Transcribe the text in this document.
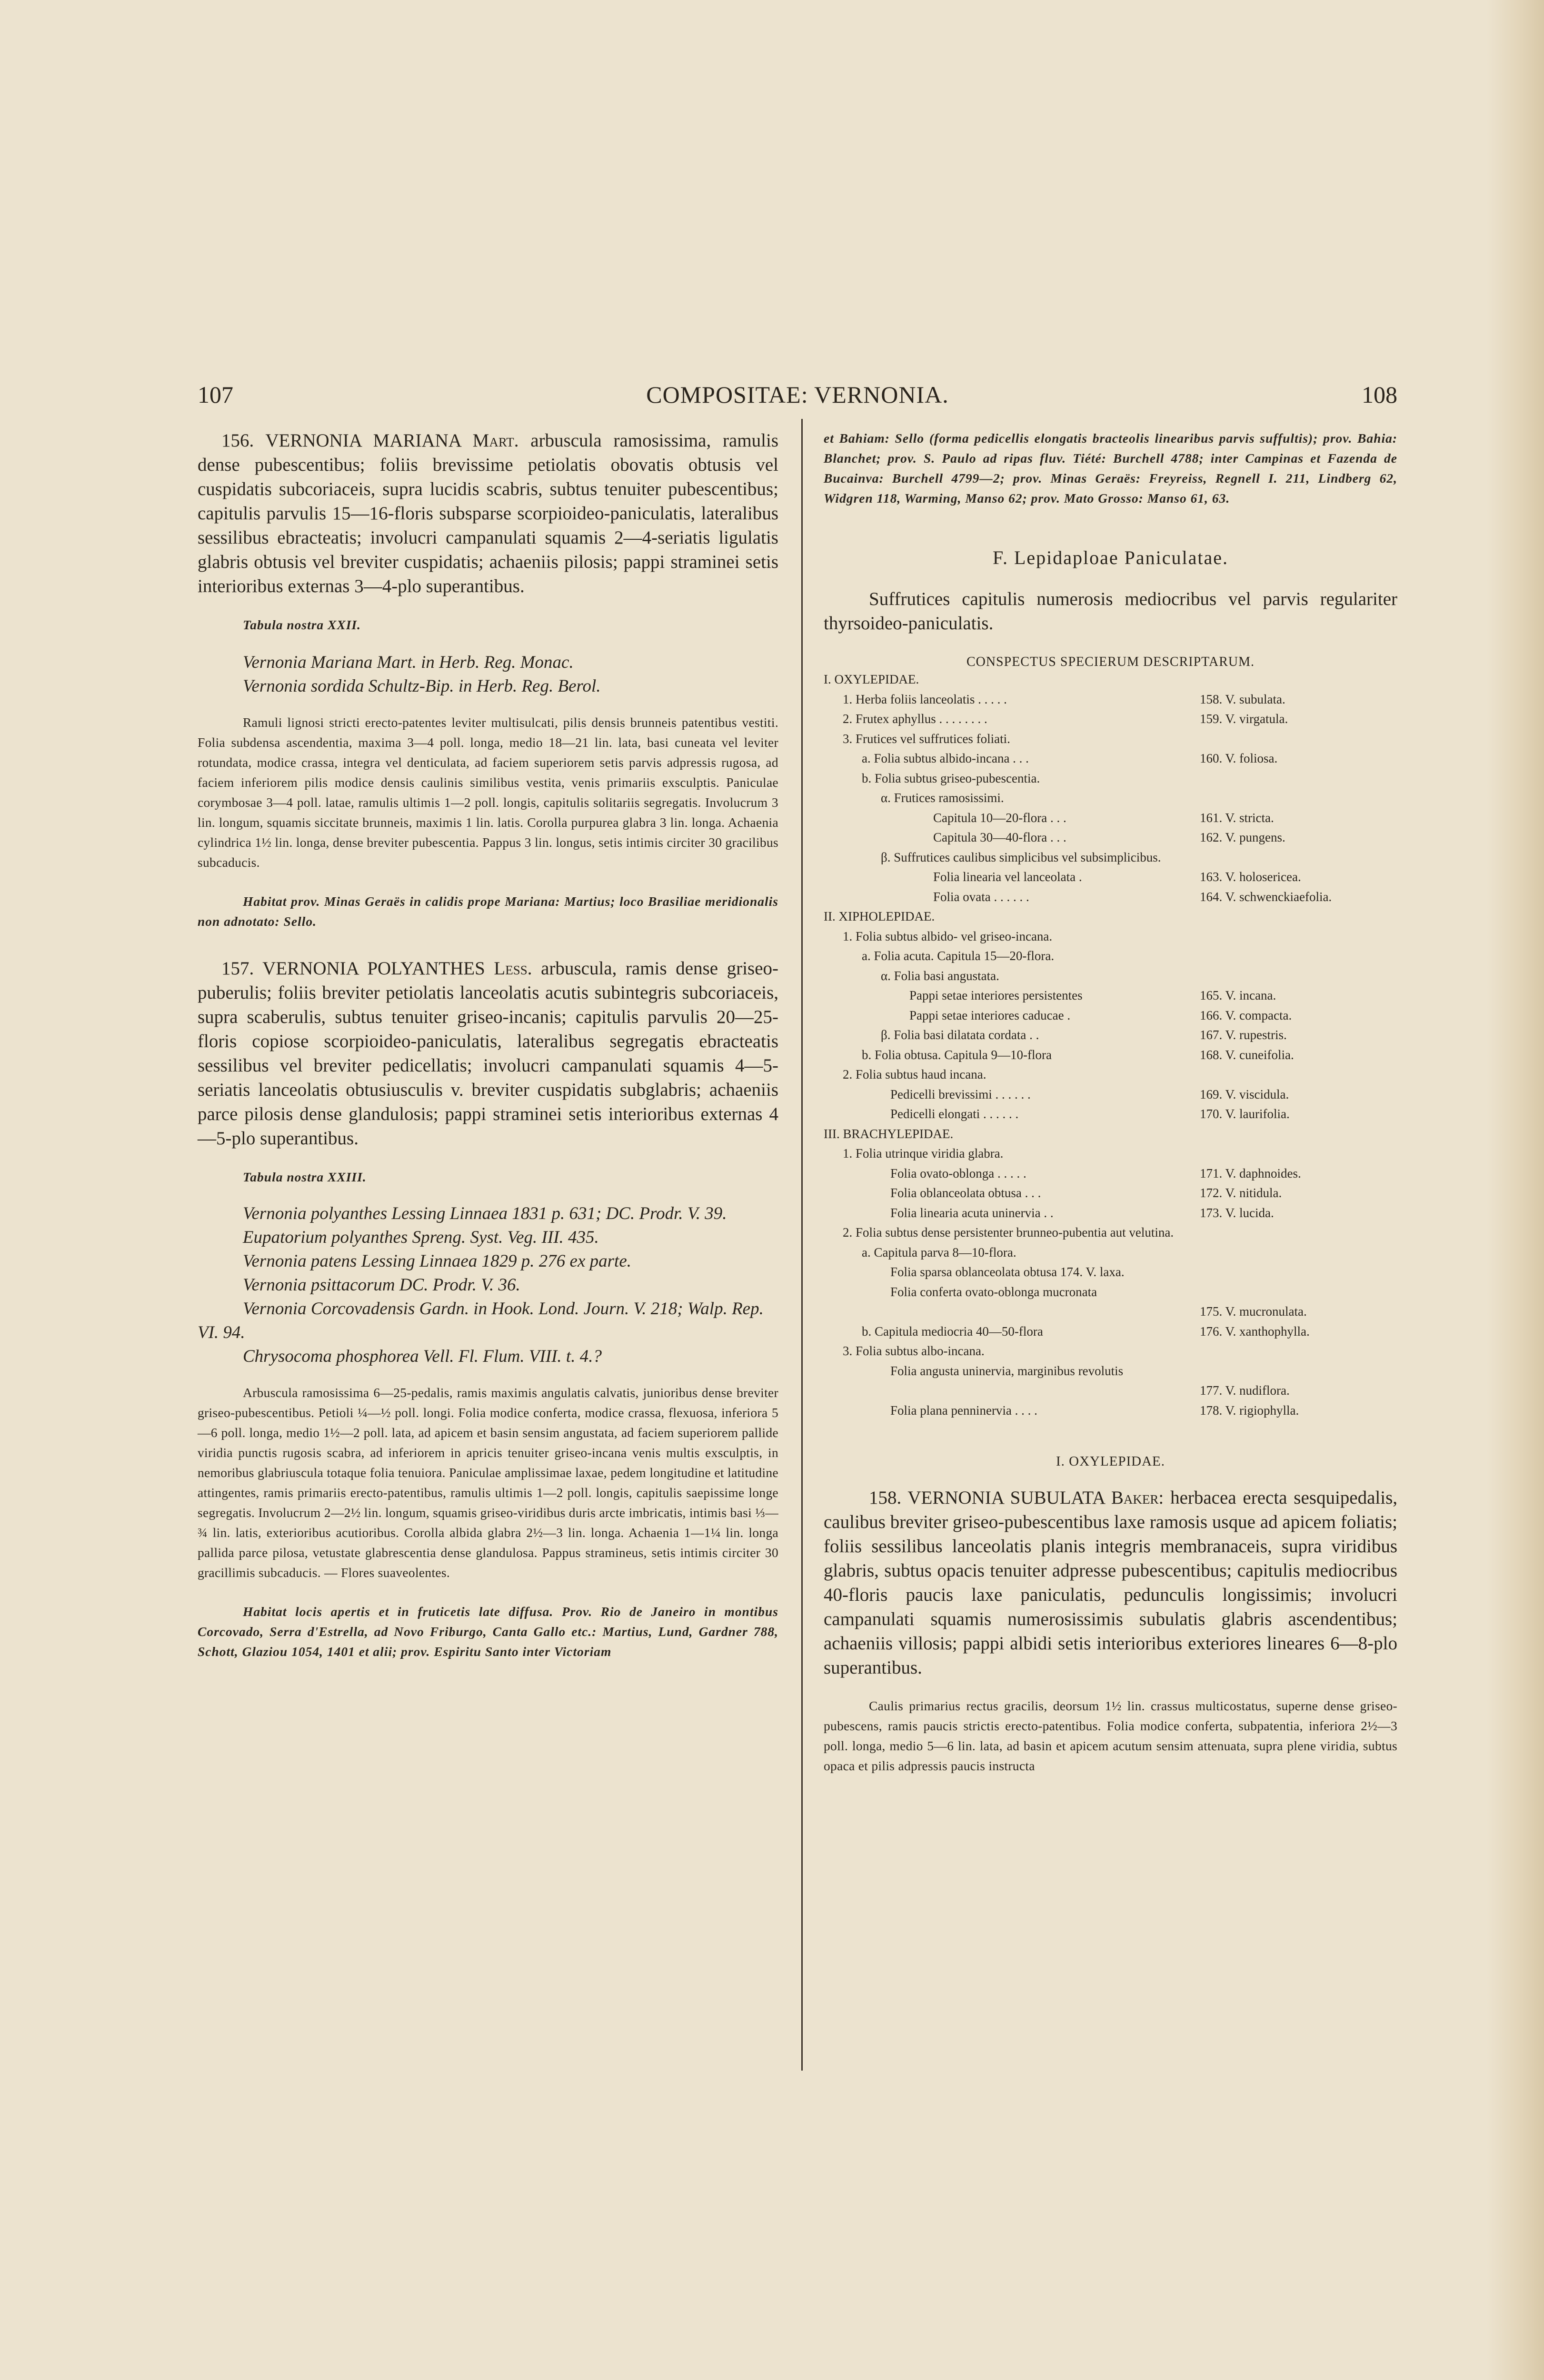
107	COMPOSITAE: VERNONIA.	108

156. VERNONIA MARIANA Mart. arbuscula ramosissima, ramulis dense pubescentibus; foliis brevissime petiolatis obovatis obtusis vel cuspidatis subcoriaceis, supra lucidis scabris, subtus tenuiter pubescentibus; capitulis parvulis 15—16-floris subsparse scorpioideo-paniculatis, lateralibus sessilibus ebracteatis; involucri campanulati squamis 2—4-seriatis ligulatis glabris obtusis vel breviter cuspidatis; achaeniis pilosis; pappi straminei setis interioribus externas 3—4-plo superantibus.

Tabula nostra XXII.

Vernonia Mariana Mart. in Herb. Reg. Monac.

Vernonia sordida Schultz-Bip. in Herb. Reg. Berol.

Ramuli lignosi stricti erecto-patentes leviter multisulcati, pilis densis brunneis patentibus vestiti. Folia subdensa ascendentia, maxima 3—4 poll. longa, medio 18—21 lin. lata, basi cuneata vel leviter rotundata, modice crassa, integra vel denticulata, ad faciem superiorem setis parvis adpressis rugosa, ad faciem inferiorem pilis modice densis caulinis similibus vestita, venis primariis exsculptis. Paniculae corymbosae 3—4 poll. latae, ramulis ultimis 1—2 poll. longis, capitulis solitariis segregatis. Involucrum 3 lin. longum, squamis siccitate brunneis, maximis 1 lin. latis. Corolla purpurea glabra 3 lin. longa. Achaenia cylindrica 1½ lin. longa, dense breviter pubescentia. Pappus 3 lin. longus, setis intimis circiter 30 gracilibus subcaducis.

Habitat prov. Minas Geraës in calidis prope Mariana: Martius; loco Brasiliae meridionalis non adnotato: Sello.

157. VERNONIA POLYANTHES Less. arbuscula, ramis dense griseo-puberulis; foliis breviter petiolatis lanceolatis acutis subintegris subcoriaceis, supra scaberulis, subtus tenuiter griseo-incanis; capitulis parvulis 20—25-floris copiose scorpioideo-paniculatis, lateralibus segregatis ebracteatis sessilibus vel breviter pedicellatis; involucri campanulati squamis 4—5-seriatis lanceolatis obtusiusculis v. breviter cuspidatis subglabris; achaeniis parce pilosis dense glandulosis; pappi straminei setis interioribus externas 4—5-plo superantibus.

Tabula nostra XXIII.

Vernonia polyanthes Lessing Linnaea 1831 p. 631; DC. Prodr. V. 39.

Eupatorium polyanthes Spreng. Syst. Veg. III. 435.

Vernonia patens Lessing Linnaea 1829 p. 276 ex parte.

Vernonia psittacorum DC. Prodr. V. 36.

Vernonia Corcovadensis Gardn. in Hook. Lond. Journ. V. 218; Walp. Rep. VI. 94.

Chrysocoma phosphorea Vell. Fl. Flum. VIII. t. 4.?

Arbuscula ramosissima 6—25-pedalis, ramis maximis angulatis calvatis, junioribus dense breviter griseo-pubescentibus. Petioli ¼—½ poll. longi. Folia modice conferta, modice crassa, flexuosa, inferiora 5—6 poll. longa, medio 1½—2 poll. lata, ad apicem et basin sensim angustata, ad faciem superiorem pallide viridia punctis rugosis scabra, ad inferiorem in apricis tenuiter griseo-incana venis multis exsculptis, in nemoribus glabriuscula totaque folia tenuiora. Paniculae amplissimae laxae, pedem longitudine et latitudine attingentes, ramis primariis erecto-patentibus, ramulis ultimis 1—2 poll. longis, capitulis saepissime longe segregatis. Involucrum 2—2½ lin. longum, squamis griseo-viridibus duris arcte imbricatis, intimis basi ⅓—¾ lin. latis, exterioribus acutioribus. Corolla albida glabra 2½—3 lin. longa. Achaenia 1—1¼ lin. longa pallida parce pilosa, vetustate glabrescentia dense glandulosa. Pappus stramineus, setis intimis circiter 30 gracillimis subcaducis. — Flores suaveolentes.

Habitat locis apertis et in fruticetis late diffusa. Prov. Rio de Janeiro in montibus Corcovado, Serra d'Estrella, ad Novo Friburgo, Canta Gallo etc.: Martius, Lund, Gardner 788, Schott, Glaziou 1054, 1401 et alii; prov. Espiritu Santo inter Victoriam

et Bahiam: Sello (forma pedicellis elongatis bracteolis linearibus parvis suffultis); prov. Bahia: Blanchet; prov. S. Paulo ad ripas fluv. Tiété: Burchell 4788; inter Campinas et Fazenda de Bucainva: Burchell 4799—2; prov. Minas Geraës: Freyreiss, Regnell I. 211, Lindberg 62, Widgren 118, Warming, Manso 62; prov. Mato Grosso: Manso 61, 63.

F. Lepidaploae Paniculatae.

Suffrutices capitulis numerosis mediocribus vel parvis regulariter thyrsoideo-paniculatis.

CONSPECTUS SPECIERUM DESCRIPTARUM.

I. OXYLEPIDAE.
1. Herba foliis lanceolatis . . . . .	158. V. subulata.
2. Frutex aphyllus . . . . . . . .	159. V. virgatula.
3. Frutices vel suffrutices foliati.
a. Folia subtus albido-incana . . .	160. V. foliosa.
b. Folia subtus griseo-pubescentia.
α. Frutices ramosissimi.
Capitula 10—20-flora . . .	161. V. stricta.
Capitula 30—40-flora . . .	162. V. pungens.
β. Suffrutices caulibus simplicibus vel subsimplicibus.
Folia linearia vel lanceolata .	163. V. holosericea.
Folia ovata . . . . . .	164. V. schwenckiaefolia.
II. XIPHOLEPIDAE.
1. Folia subtus albido- vel griseo-incana.
a. Folia acuta. Capitula 15—20-flora.
α. Folia basi angustata.
Pappi setae interiores persistentes	165. V. incana.
Pappi setae interiores caducae .	166. V. compacta.
β. Folia basi dilatata cordata . .	167. V. rupestris.
b. Folia obtusa. Capitula 9—10-flora	168. V. cuneifolia.
2. Folia subtus haud incana.
Pedicelli brevissimi . . . . . .	169. V. viscidula.
Pedicelli elongati . . . . . .	170. V. laurifolia.
III. BRACHYLEPIDAE.
1. Folia utrinque viridia glabra.
Folia ovato-oblonga . . . . .	171. V. daphnoides.
Folia oblanceolata obtusa . . .	172. V. nitidula.
Folia linearia acuta uninervia . .	173. V. lucida.
2. Folia subtus dense persistenter brunneo-pubentia aut velutina.
a. Capitula parva 8—10-flora.
Folia sparsa oblanceolata obtusa 174. V. laxa.
Folia conferta ovato-oblonga mucronata
175. V. mucronulata.
b. Capitula mediocria 40—50-flora	176. V. xanthophylla.
3. Folia subtus albo-incana.
Folia angusta uninervia, marginibus revolutis
177. V. nudiflora.
Folia plana penninervia . . . .	178. V. rigiophylla.

I. OXYLEPIDAE.

158. VERNONIA SUBULATA Baker: herbacea erecta sesquipedalis, caulibus breviter griseo-pubescentibus laxe ramosis usque ad apicem foliatis; foliis sessilibus lanceolatis planis integris membranaceis, supra viridibus glabris, subtus opacis tenuiter adpresse pubescentibus; capitulis mediocribus 40-floris paucis laxe paniculatis, pedunculis longissimis; involucri campanulati squamis numerosissimis subulatis glabris ascendentibus; achaeniis villosis; pappi albidi setis interioribus exteriores lineares 6—8-plo superantibus.

Caulis primarius rectus gracilis, deorsum 1½ lin. crassus multicostatus, superne dense griseo-pubescens, ramis paucis strictis erecto-patentibus. Folia modice conferta, subpatentia, inferiora 2½—3 poll. longa, medio 5—6 lin. lata, ad basin et apicem acutum sensim attenuata, supra plene viridia, subtus opaca et pilis adpressis paucis instructa
